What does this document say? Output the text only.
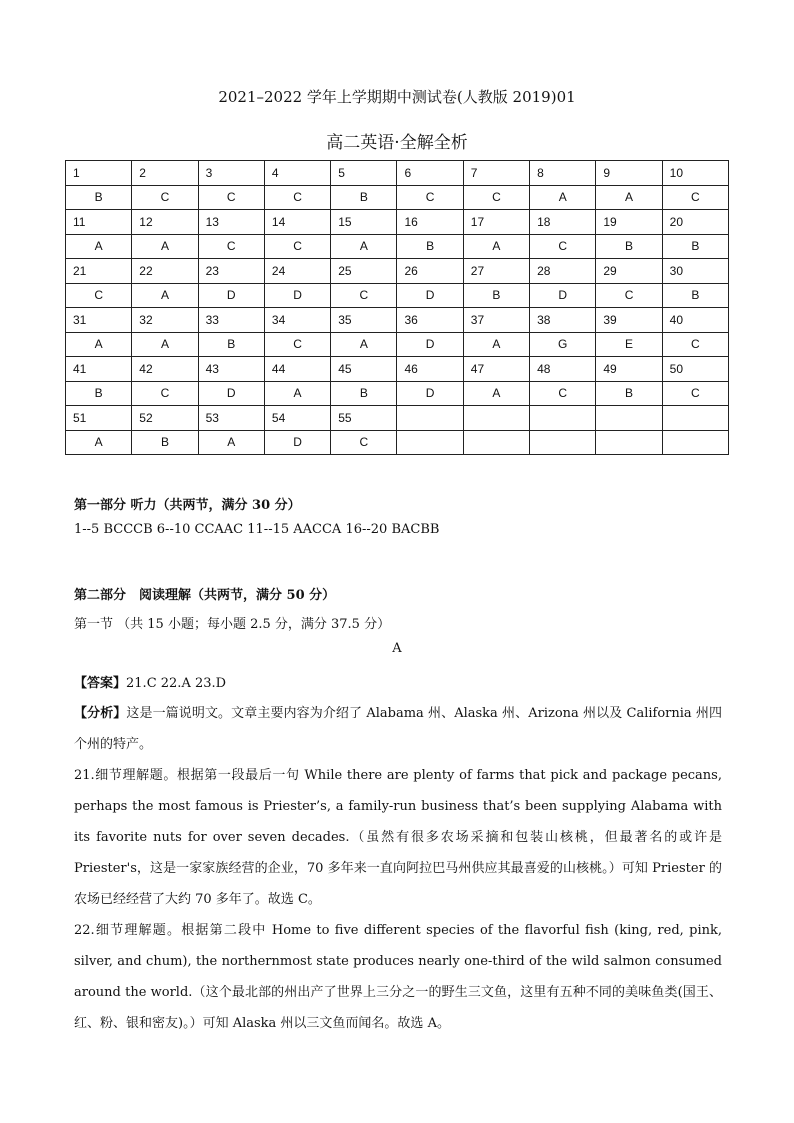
2021–2022 学年上学期期中测试卷(人教版 2019)01
高二英语·全解全析
1	2	3	4	5	6	7	8	9	10
B	C	C	C	B	C	C	A	A	C
11	12	13	14	15	16	17	18	19	20
A	A	C	C	A	B	A	C	B	B
21	22	23	24	25	26	27	28	29	30
C	A	D	D	C	D	B	D	C	B
31	32	33	34	35	36	37	38	39	40
A	A	B	C	A	D	A	G	E	C
41	42	43	44	45	46	47	48	49	50
B	C	D	A	B	D	A	C	B	C
51	52	53	54	55					
A	B	A	D	C					
第一部分 听力（共两节，满分 30 分）
1--5 BCCCB 6--10 CCAAC 11--15 AACCA 16--20 BACBB
第二部分　阅读理解（共两节，满分 50 分）
第一节 （共 15 小题；每小题 2.5 分，满分 37.5 分）
A
【答案】21.C 22.A 23.D
【分析】这是一篇说明文。文章主要内容为介绍了 Alabama 州、Alaska 州、Arizona 州以及 California 州四个州的特产。
21.细节理解题。根据第一段最后一句 While there are plenty of farms that pick and package pecans, perhaps the most famous is Priester’s, a family-run business that’s been supplying Alabama with its favorite nuts for over seven decades.（虽然有很多农场采摘和包装山核桃，但最著名的或许是 Priester's，这是一家家族经营的企业，70 多年来一直向阿拉巴马州供应其最喜爱的山核桃。）可知 Priester 的农场已经经营了大约 70 多年了。故选 C。
22.细节理解题。根据第二段中 Home to five different species of the flavorful fish (king, red, pink, silver, and chum), the northernmost state produces nearly one-third of the wild salmon consumed around the world.（这个最北部的州出产了世界上三分之一的野生三文鱼，这里有五种不同的美味鱼类(国王、红、粉、银和密友)。）可知 Alaska 州以三文鱼而闻名。故选 A。
